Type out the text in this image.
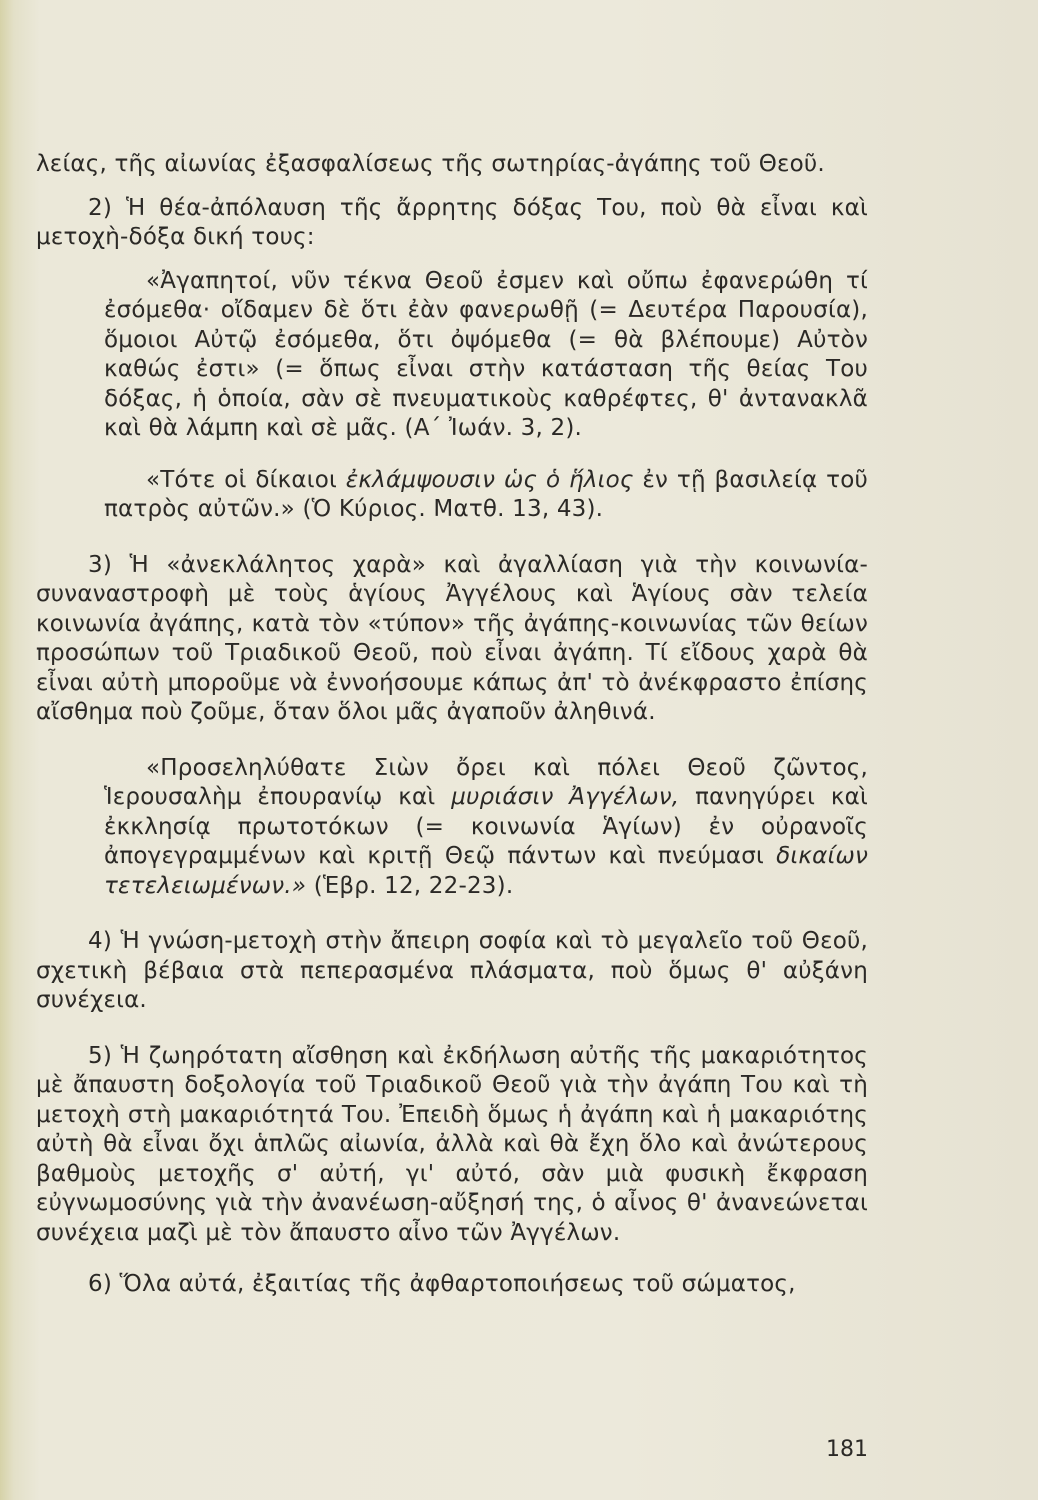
λείας, τῆς αἰωνίας ἐξασφαλίσεως τῆς σωτηρίας-ἀγάπης τοῦ Θεοῦ.

2) Ἡ θέα-ἀπόλαυση τῆς ἄρρητης δόξας Του, ποὺ θὰ εἶναι καὶ μετοχὴ-δόξα δική τους:

«Ἀγαπητοί, νῦν τέκνα Θεοῦ ἐσμεν καὶ οὔπω ἐφανερώθη τί ἐσόμεθα· οἴδαμεν δὲ ὅτι ἐὰν φανερωθῇ (= Δευτέρα Παρουσία), ὅμοιοι Αὐτῷ ἐσόμεθα, ὅτι ὀψόμεθα (= θὰ βλέπουμε) Αὐτὸν καθώς ἐστι» (= ὅπως εἶναι στὴν κατάσταση τῆς θείας Του δόξας, ἡ ὁποία, σὰν σὲ πνευματικοὺς καθρέφτες, θ' ἀντανακλᾶ καὶ θὰ λάμπη καὶ σὲ μᾶς. (Α΄ Ἰωάν. 3, 2).

«Τότε οἱ δίκαιοι ἐκλάμψουσιν ὡς ὁ ἥλιος ἐν τῇ βασιλείᾳ τοῦ πατρὸς αὐτῶν.» (Ὁ Κύριος. Ματθ. 13, 43).

3) Ἡ «ἀνεκλάλητος χαρὰ» καὶ ἀγαλλίαση γιὰ τὴν κοινωνία-συναναστροφὴ μὲ τοὺς ἁγίους Ἀγγέλους καὶ Ἁγίους σὰν τελεία κοινωνία ἀγάπης, κατὰ τὸν «τύπον» τῆς ἀγάπης-κοινωνίας τῶν θείων προσώπων τοῦ Τριαδικοῦ Θεοῦ, ποὺ εἶναι ἀγάπη. Τί εἴδους χαρὰ θὰ εἶναι αὐτὴ μποροῦμε νὰ ἐννοήσουμε κάπως ἀπ' τὸ ἀνέκφραστο ἐπίσης αἴσθημα ποὺ ζοῦμε, ὅταν ὅλοι μᾶς ἀγαποῦν ἀληθινά.

«Προσεληλύθατε Σιὼν ὄρει καὶ πόλει Θεοῦ ζῶντος, Ἱερουσαλὴμ ἐπουρανίῳ καὶ μυριάσιν Ἀγγέλων, πανηγύρει καὶ ἐκκλησίᾳ πρωτοτόκων (= κοινωνία Ἁγίων) ἐν οὐρανοῖς ἀπογεγραμμένων καὶ κριτῇ Θεῷ πάντων καὶ πνεύμασι δικαίων τετελειωμένων.» (Ἑβρ. 12, 22-23).

4) Ἡ γνώση-μετοχὴ στὴν ἄπειρη σοφία καὶ τὸ μεγαλεῖο τοῦ Θεοῦ, σχετικὴ βέβαια στὰ πεπερασμένα πλάσματα, ποὺ ὅμως θ' αὐξάνη συνέχεια.

5) Ἡ ζωηρότατη αἴσθηση καὶ ἐκδήλωση αὐτῆς τῆς μακαριότητος μὲ ἄπαυστη δοξολογία τοῦ Τριαδικοῦ Θεοῦ γιὰ τὴν ἀγάπη Του καὶ τὴ μετοχὴ στὴ μακαριότητά Του. Ἐπειδὴ ὅμως ἡ ἀγάπη καὶ ἡ μακαριότης αὐτὴ θὰ εἶναι ὄχι ἁπλῶς αἰωνία, ἀλλὰ καὶ θὰ ἔχη ὅλο καὶ ἀνώτερους βαθμοὺς μετοχῆς σ' αὐτή, γι' αὐτό, σὰν μιὰ φυσικὴ ἔκφραση εὐγνωμοσύνης γιὰ τὴν ἀνανέωση-αὔξησή της, ὁ αἶνος θ' ἀνανεώνεται συνέχεια μαζὶ μὲ τὸν ἄπαυστο αἶνο τῶν Ἀγγέλων.

6) Ὅλα αὐτά, ἐξαιτίας τῆς ἀφθαρτοποιήσεως τοῦ σώματος,

181
